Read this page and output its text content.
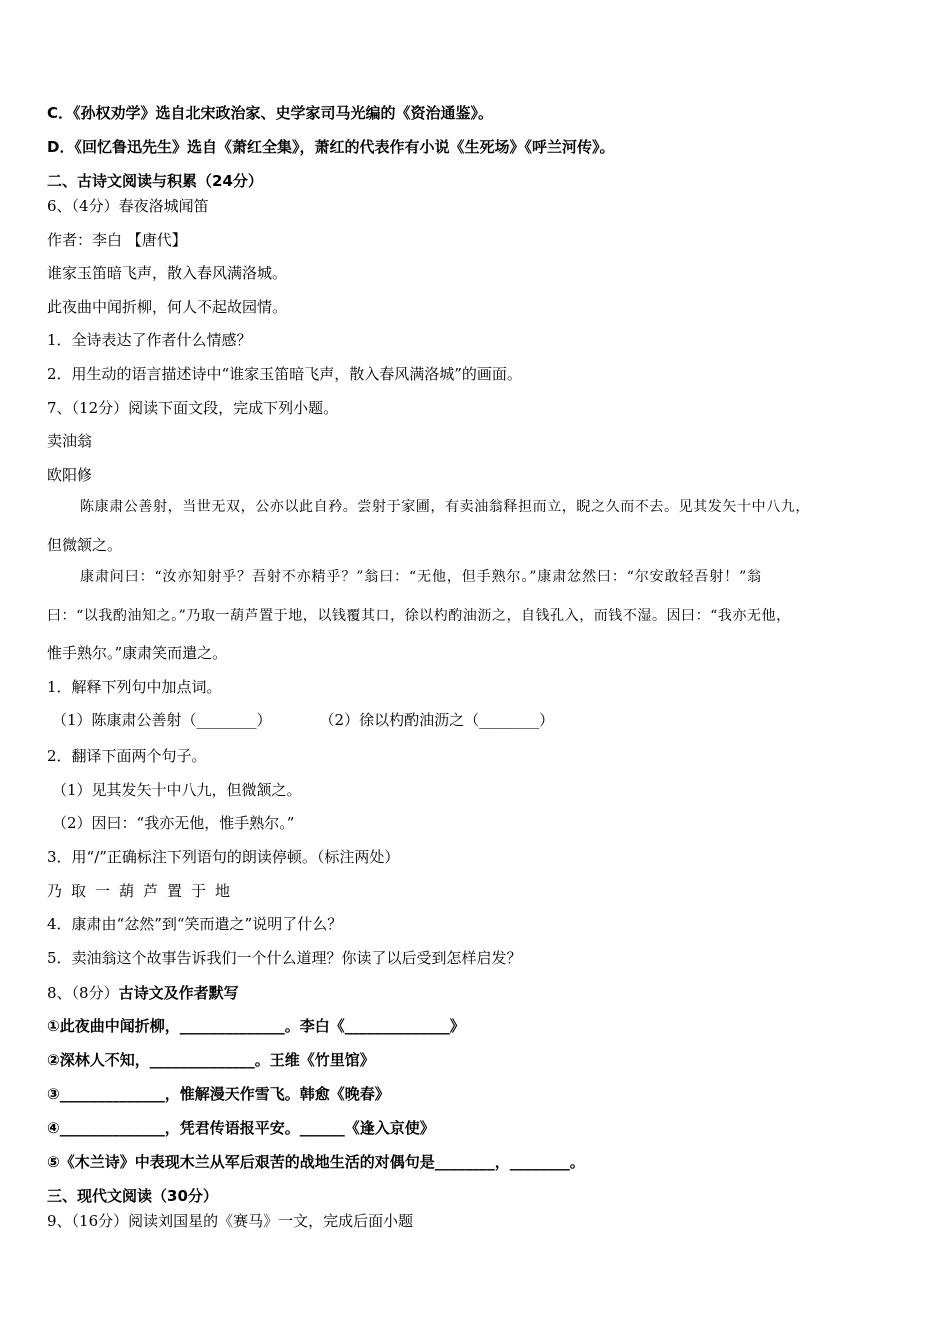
C．《孙权劝学》选自北宋政治家、史学家司马光编的《资治通鉴》。
D．《回忆鲁迅先生》选自《萧红全集》，萧红的代表作有小说《生死场》《呼兰河传》。
二、古诗文阅读与积累（24分）
6、（4分）春夜洛城闻笛
作者：李白 【唐代】
谁家玉笛暗飞声，散入春风满洛城。
此夜曲中闻折柳，何人不起故园情。
1．全诗表达了作者什么情感？
2．用生动的语言描述诗中“谁家玉笛暗飞声，散入春风满洛城”的画面。
7、（12分）阅读下面文段，完成下列小题。
卖油翁
欧阳修
陈康肃公善射，当世无双，公亦以此自矜。尝射于家圃，有卖油翁释担而立，睨之久而不去。见其发矢十中八九，
但微颔之。
康肃问曰：“汝亦知射乎？吾射不亦精乎？”翁曰：“无他，但手熟尔。”康肃忿然曰：“尔安敢轻吾射！”翁
曰：“以我酌油知之。”乃取一葫芦置于地，以钱覆其口，徐以杓酌油沥之，自钱孔入，而钱不湿。因曰：“我亦无他，
惟手熟尔。”康肃笑而遣之。
1．解释下列句中加点词。
（1）陈康肃公善射（________）	（2）徐以杓酌油沥之（________）
2．翻译下面两个句子。
（1）见其发矢十中八九，但微颔之。
（2）因曰：“我亦无他，惟手熟尔。”
3．用“/”正确标注下列语句的朗读停顿。（标注两处）
乃取一葫芦置于地
4．康肃由“忿然”到“笑而遣之”说明了什么？
5．卖油翁这个故事告诉我们一个什么道理？你读了以后受到怎样启发？
8、（8分）古诗文及作者默写
①此夜曲中闻折柳，______________。李白《______________》
②深林人不知，______________。王维《竹里馆》
③______________，惟解漫天作雪飞。韩愈《晚春》
④______________，凭君传语报平安。______《逢入京使》
⑤《木兰诗》中表现木兰从军后艰苦的战地生活的对偶句是________，________。
三、现代文阅读（30分）
9、（16分）阅读刘国星的《赛马》一文，完成后面小题
